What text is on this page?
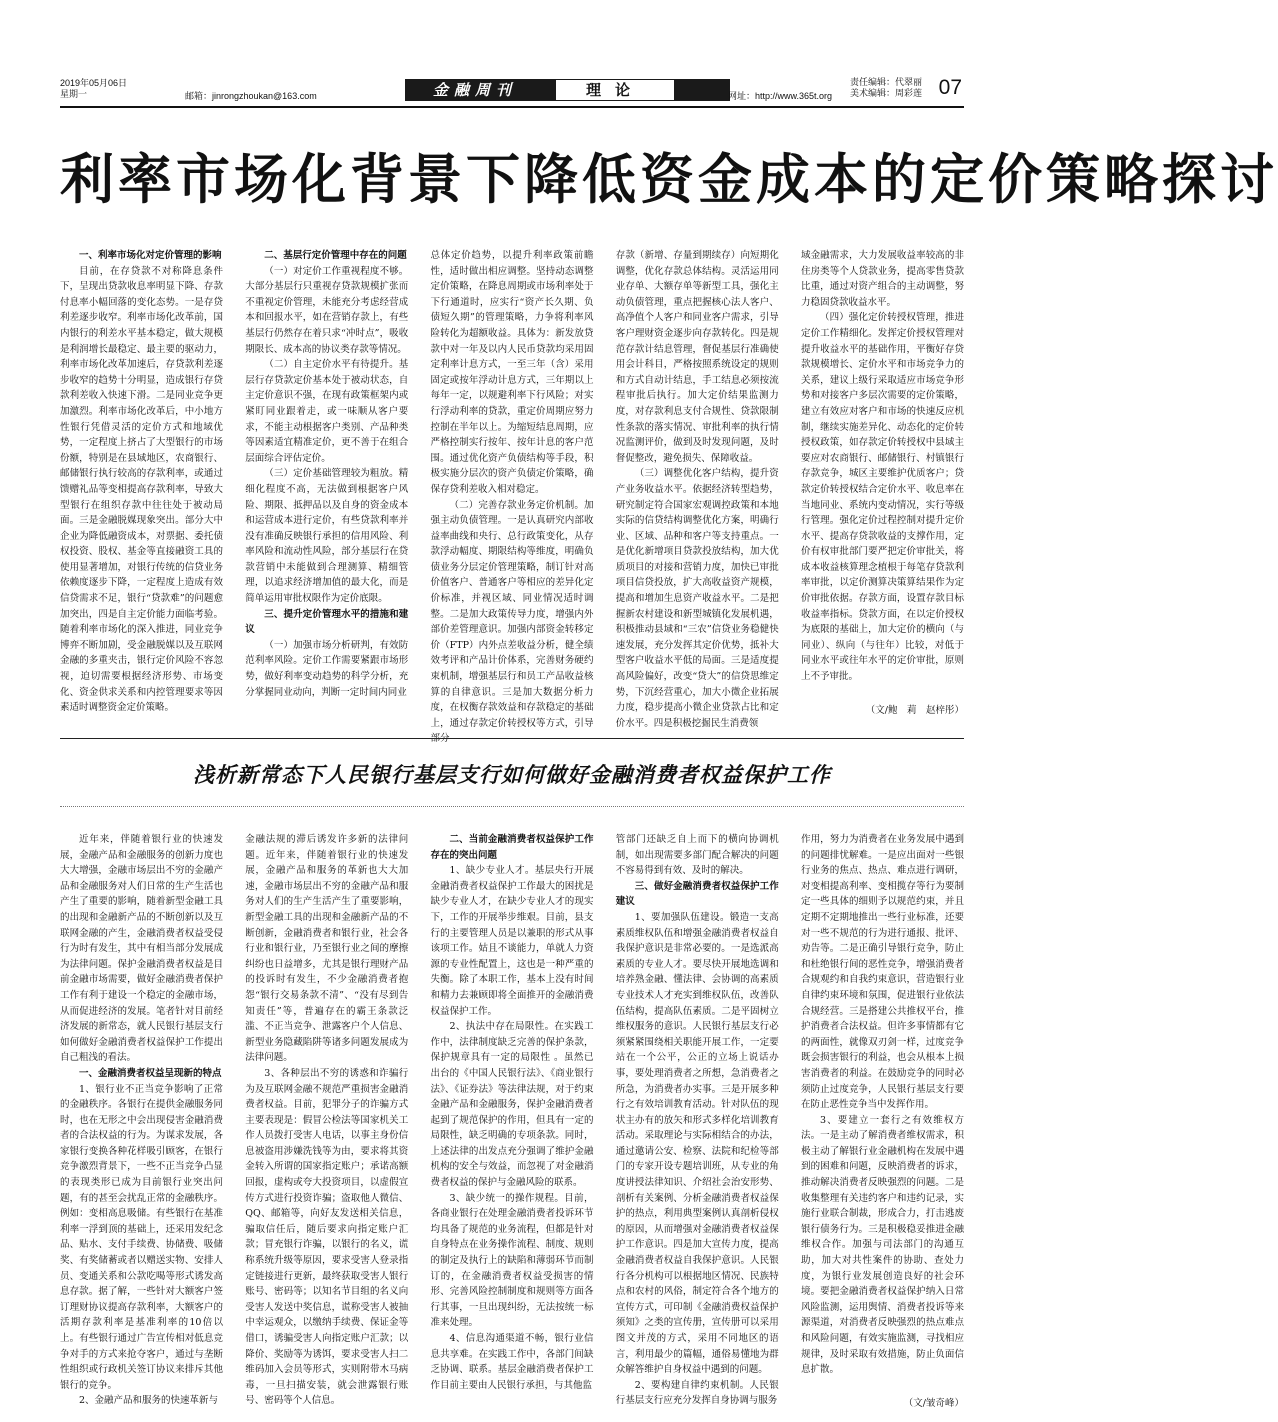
2019年05月06日
星期一	邮箱：jinrongzhoukan@163.com	金融周刊	理论	网址：http://www.365t.org
责任编辑：代翠丽
美术编辑：周彩莲 07
利率市场化背景下降低资金成本的定价策略探讨
一、利率市场化对定价管理的影响

目前，在存贷款不对称降息条件下，呈现出贷款收息率明显下降、存款付息率小幅回落的变化态势。一是存贷利差逐步收窄。利率市场化改革前，国内银行的利差水平基本稳定，做大规模是利润增长最稳定、最主要的驱动力，利率市场化改革加速后，存贷款利差逐步收窄的趋势十分明显，造成银行存贷款利差收入快速下滑。二是同业竞争更加激烈。利率市场化改革后，中小地方性银行凭借灵活的定价方式和地域优势，一定程度上挤占了大型银行的市场份额，特别是在县域地区，农商银行、邮储银行执行较高的存款利率，或通过馈赠礼品等变相提高存款利率，导致大型银行在组织存款中往往处于被动局面。三是金融脱媒现象突出。部分大中企业为降低融资成本，对票据、委托债权投资、股权、基金等直接融资工具的使用显著增加，对银行传统的信贷业务依赖度逐步下降，一定程度上造成有效信贷需求不足，银行“贷款难”的问题愈加突出，四是自主定价能力面临考验。随着利率市场化的深入推进，同业竞争博弈不断加剧，受金融脱媒以及互联网金融的多重夹击，银行定价风险不容忽视，迫切需要根据经济形势、市场变化、资金供求关系和内控管理要求等因素适时调整资金定价策略。

二、基层行定价管理中存在的问题

（一）对定价工作重视程度不够。大部分基层行只重视存贷款规模扩张而不重视定价管理，未能充分考虑经营成本和回报水平，如在营销存款上，有些基层行仍然存在着只求“冲时点”，吸收期限长、成本高的协议类存款等情况。

（二）自主定价水平有待提升。基层行存贷款定价基本处于被动状态，自主定价意识不强，在现有政策框架内或紧盯同业跟着走，或一味顺从客户要求，不能主动根据客户类别、产品种类等因素适宜精准定价，更不善于在组合层面综合评估定价。

（三）定价基础管理较为粗放。精细化程度不高，无法做到根据客户风险、期限、抵押品以及自身的资金成本和运营成本进行定价，有些贷款利率并没有准确反映银行承担的信用风险、利率风险和流动性风险，部分基层行在贷款营销中未能做到合理测算、精细管理，以追求经济增加值的最大化，而是简单运用审批权限作为定价底限。

三、提升定价管理水平的措施和建议

（一）加强市场分析研判，有效防范利率风险。定价工作需要紧跟市场形势，做好利率变动趋势的科学分析，充分掌握同业动向，判断一定时间内同业

总体定价趋势，以提升利率政策前瞻性，适时做出相应调整。坚持动态调整定价策略，在降息周期或市场利率处于下行通道时，应实行“资产长久期、负债短久期”的管理策略，力争将利率风险转化为超额收益。具体为：新发放贷款中对一年及以内人民币贷款均采用固定利率计息方式，一至三年（含）采用固定或按年浮动计息方式，三年期以上每年一定，以规避利率下行风险；对实行浮动利率的贷款，重定价周期应努力控制在半年以上。为缩短结息周期，应严格控制实行按年、按年计息的客户范围。通过优化资产负债结构等手段，积极实施分层次的资产负债定价策略，确保存贷利差收入相对稳定。

（二）完善存款业务定价机制。加强主动负债管理。一是认真研究内部收益率曲线和央行、总行政策变化，从存款浮动幅度、期限结构等维度，明确负债业务分层定价管理策略，制订针对高价值客户、普通客户等相应的差异化定价标准，并视区域、同业情况适时调整。二是加大政策传导力度，增强内外部价差管理意识。加强内部资金转移定价（FTP）内外点差收益分析，健全绩效考评和产品计价体系，完善财务硬约束机制，增强基层行和员工产品收益核算的自律意识。三是加大数据分析力度，在权衡存款效益和存款稳定的基础上，通过存款定价转授权等方式，引导部分

存款（新增、存量到期续存）向短期化调整，优化存款总体结构。灵活运用同业存单、大额存单等新型工具，强化主动负债管理，重点把握核心法人客户、高净值个人客户和同业客户需求，引导客户理财资金逐步向存款转化。四是规范存款计结息管理，督促基层行准确使用会计科目，严格按照系统设定的规则和方式自动计结息，手工结息必须按流程审批后执行。加大定价结果监测力度，对存款利息支付合规性、贷款限制性条款的落实情况、审批利率的执行情况监测评价，做到及时发现问题，及时督促整改，避免损失、保障收益。

（三）调整优化客户结构，提升资产业务收益水平。依据经济转型趋势，研究制定符合国家宏观调控政策和本地实际的信贷结构调整优化方案，明确行业、区域、品种和客户等支持重点。一是优化新增项目贷款投放结构，加大优质项目的对接和营销力度，加快已审批项目信贷投放，扩大高收益资产规模，提高和增加生息资产收益水平。二是把握新农村建设和新型城镇化发展机遇，积极推动县域和“三农”信贷业务稳健快速发展，充分发挥其定价优势，抵补大型客户收益水平低的局面。三是适度提高风险偏好，改变“贷大”的信贷思维定势，下沉经营重心，加大小微企业拓展力度，稳步提高小微企业贷款占比和定价水平。四是积极挖掘民生消费领

域金融需求，大力发展收益率较高的非住房类等个人贷款业务，提高零售贷款比重，通过对资产组合的主动调整，努力稳固贷款收益水平。

（四）强化定价转授权管理，推进定价工作精细化。发挥定价授权管理对提升收益水平的基础作用，平衡好存贷款规模增长、定价水平和市场竞争力的关系，建议上级行采取适应市场竞争形势和对接客户多层次需要的定价策略，建立有效应对客户和市场的快速反应机制，继续实施差异化、动态化的定价转授权政策，如存款定价转授权中县域主要应对农商银行、邮储银行、村镇银行存款竞争，城区主要维护优质客户；贷款定价转授权结合定价水平、收息率在当地同业、系统内变动情况，实行等级行管理。强化定价过程控制对提升定价水平、提高存贷款收益的支撑作用，定价有权审批部门要严把定价审批关，将成本收益核算理念植根于每笔存贷款利率审批，以定价测算决策算结果作为定价审批依据。存款方面，设置存款目标收益率指标。贷款方面，在以定价授权为底限的基础上，加大定价的横向（与同业）、纵向（与往年）比较，对低于同业水平或往年水平的定价审批，原则上不予审批。

（文/鲍　莉　赵梓彤）

浅析新常态下人民银行基层支行如何做好金融消费者权益保护工作

近年来，伴随着银行业的快速发展，金融产品和金融服务的创新力度也大大增强，金融市场层出不穷的金融产品和金融服务对人们日常的生产生活也产生了重要的影响，随着新型金融工具的出现和金融新产品的不断创新以及互联网金融的产生，金融消费者权益受侵行为时有发生，其中有相当部分发展成为法律问题。保护金融消费者权益是目前金融市场需要，做好金融消费者保护工作有利于建设一个稳定的金融市场，从而促进经济的发展。笔者针对目前经济发展的新常态，就人民银行基层支行如何做好金融消费者权益保护工作提出自己粗浅的看法。

一、金融消费者权益呈现新的特点

1、银行业不正当竞争影响了正常的金融秩序。各银行在提供金融服务同时，也在无形之中会出现侵害金融消费者的合法权益的行为。为谋求发展，各家银行变换各种花样吸引顾客，在银行竞争激烈背景下，一些不正当竞争凸显的表现类形已成为目前银行业突出问题，有的甚至会扰乱正常的金融秩序。例如：变相高息吸储。有些银行在基准利率一浮到顶的基础上，还采用发纪念品、贴水、支付手续费、协储费、吸储奖、有奖储蓄或者以赠送实物、安排人员、变通关系和公款吃喝等形式诱发高息存款。据了解，一些针对大额客户签订理财协议提高存款利率，大额客户的活期存款利率是基准利率的10倍以上。有些银行通过广告宣传相对低息竞争对手的方式来抢夺客户，通过与垄断性组织或行政机关签订协议来排斥其他银行的竞争。

2、金融产品和服务的快速革新与

金融法规的滞后诱发许多新的法律问题。近年来，伴随着银行业的快速发展，金融产品和服务的革新也大大加速，金融市场层出不穷的金融产品和服务对人们的生产生活产生了重要影响，新型金融工具的出现和金融新产品的不断创新，金融消费者和银行业，社会各行业和银行业，乃至银行业之间的摩擦纠纷也日益增多，尤其是银行理财产品的投诉时有发生，不少金融消费者抱怨“银行交易条款不清”、“没有尽到告知责任”等，普遍存在的霸王条款泛滥、不正当竞争、泄露客户个人信息、新型业务隐藏陷阱等诸多问题发展成为法律问题。

3、各种层出不穷的诱惑和诈骗行为及互联网金融不规范严重损害金融消费者权益。目前，犯罪分子的诈骗方式主要表现是：假冒公检法等国家机关工作人员拨打受害人电话，以事主身份信息被盗用涉嫌洗钱等为由，要求将其资金转入所谓的国家指定账户；承诺高额回报，虚构或夸大投资项目，以虚假宣传方式进行投资诈骗；盗取他人微信、QQ、邮箱等，向好友发送相关信息，骗取信任后，随后要求向指定账户汇款；冒充银行诈骗，以银行的名义，谎称系统升级等原因，要求受害人登录指定链接进行更新，最终获取受害人银行账号、密码等；以知名节目组的名义向受害人发送中奖信息，谎称受害人被抽中幸运观众，以缴纳手续费、保证金等借口，诱骗受害人向指定账户汇款；以降价、奖励等为诱饵，要求受害人扫二维码加入会员等形式，实则附带木马病毒，一旦扫描安装，就会泄露银行账号、密码等个人信息。

二、当前金融消费者权益保护工作存在的突出问题

1、缺少专业人才。基层央行开展金融消费者权益保护工作最大的困扰是缺少专业人才，在缺少专业人才的现实下，工作的开展举步维艰。目前，县支行的主要管理人员是以兼职的形式从事该项工作。姑且不谈能力，单就人力资源的专业性配置上，这也是一种严重的失衡。除了本职工作，基本上没有时间和精力去兼顾即将全面推开的金融消费权益保护工作。

2、执法中存在局限性。在实践工作中，法律制度缺乏完善的保护条款，保护规章具有一定的局限性 。虽然已出台的《中国人民银行法》、《商业银行法》、《证券法》等法律法规，对于约束金融产品和金融服务，保护金融消费者起到了规范保护的作用，但具有一定的局限性，缺乏明确的专项条款。同时，上述法律的出发点充分强调了维护金融机构的安全与效益，而忽视了对金融消费者权益的保护与金融风险的联系。

3、缺少统一的操作规程。目前，各商业银行在处理金融消费者投诉环节均具备了规范的业务流程，但都是针对自身特点在业务操作流程、制度、规则的制定及执行上的缺陷和薄弱环节而制订的，在金融消费者权益受损害的情形、完善风险控制制度和规则等方面各行其事，一旦出现纠纷，无法按统一标准来处理。

4、信息沟通渠道不畅，银行业信息共享难。在实践工作中，各部门间缺乏协调、联系。基层金融消费者保护工作目前主要由人民银行承担，与其他监

管部门还缺乏自上而下的横向协调机制，如出现需要多部门配合解决的问题不容易得到有效、及时的解决。

三、做好金融消费者权益保护工作建议

1、要加强队伍建设。锻造一支高素质维权队伍和增强金融消费者权益自我保护意识是非常必要的。一是选派高素质的专业人才。要尽快开展地选调和培养熟金融、懂法律、会协调的高素质专业技术人才充实到维权队伍，改善队伍结构，提高队伍素质。二是平固树立维权服务的意识。人民银行基层支行必须紧紧围绕相关职能开展工作，一定要站在一个公平，公正的立场上说话办事，要处理消费者之所想，急消费者之所急，为消费者办实事。三是开展多种行之有效培训教育活动。针对队伍的现状主办有的放矢和形式多样化培训教育活动。采取理论与实际相结合的办法，通过邀请公安、检察、法院和纪检等部门的专家开设专题培训班，从专业的角度讲授法律知识、介绍社会治安形势、剖析有关案例、分析金融消费者权益保护的热点，利用典型案例认真剖析侵权的原因，从而增强对金融消费者权益保护工作意识。四是加大宣传力度，提高金融消费者权益自我保护意识。人民银行各分机构可以根据地区情况、民族特点和农村的风俗，制定符合各个地方的宣传方式，可印制《金融消费权益保护须知》之类的宣传册，宣传册可以采用图文并茂的方式，采用不同地区的语言，利用最少的篇幅，通俗易懂地为群众解答维护自身权益中遇到的问题。

2、要构建自律约束机制。人民银行基层支行应充分发挥自身协调与服务

作用，努力为消费者在业务发展中遇到的问题排忧解难。一是应出面对一些银行业务的焦点、热点、难点进行调研，对变相提高利率、变相揽存等行为要制定一些具体的细则予以规范约束，并且定期不定期地推出一些行业标准，还要对一些不规范的行为进行通报、批评、劝告等。二是正确引导银行竞争，防止和杜绝银行间的恶性竞争，增强消费者合规观约和自我约束意识，营造银行业自律约束环境和氛围，促进银行业依法合规经营。三是搭建公共推权平台，推护消费者合法权益。但许多事情都有它的两面性，就像双刃剑一样，过度竞争既会损害银行的利益，也会从根本上损害消费者的利益。在鼓励竞争的同时必须防止过度竞争，人民银行基层支行要在防止恶性竞争当中发挥作用。

3、要建立一套行之有效维权方法。一是主动了解消费者维权需求，积极主动了解银行业金融机构在发展中遇到的困难和问题，反映消费者的诉求，推动解决消费者反映强烈的问题。二是收集整理有关违约客户和违约记录，实施行业联合制裁，形成合力，打击逃废银行债务行为。三是积极稳妥推进金融维权合作。加强与司法部门的沟通互助，加大对共性案件的协助、查处力度，为银行业发展创造良好的社会环境。要把金融消费者权益保护纳入日常风险监测，运用舆情、消费者投诉等来源渠道，对消费者反映强烈的热点难点和风险问题，有效实施监测，寻找相应规律，及时采取有效措施，防止负面信息扩散。

（文/皱奇峰）
